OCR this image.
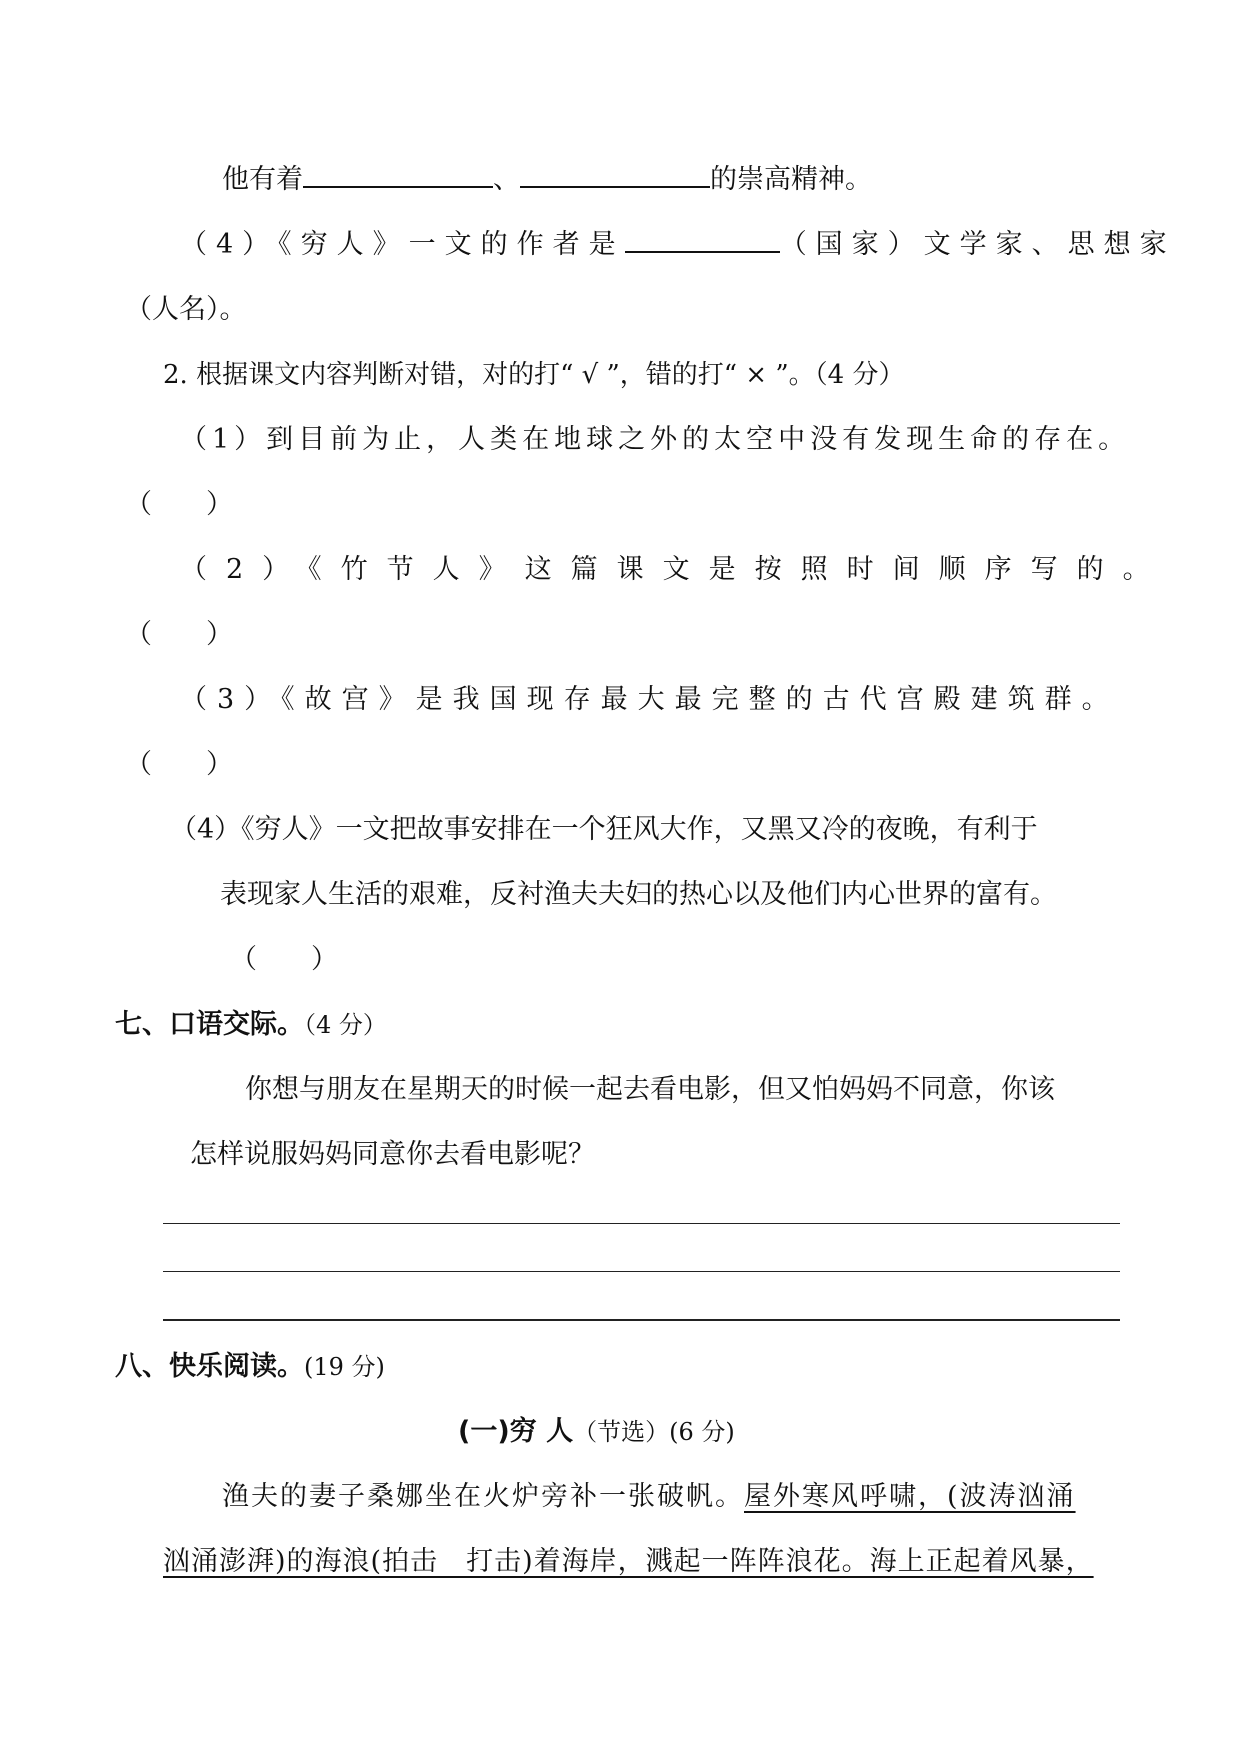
他有着	、	的崇高精神。
（4）《穷人》一文的作者是	（国家）文学家、思想家
（人名）。
2. 根据课文内容判断对错，对的打“ √ ”，错的打“ × ”。（4 分）
（1）到目前为止，人类在地球之外的太空中没有发现生命的存在。
（　　）
（2）《竹节人》这篇课文是按照时间顺序写的。
（　　）
（3）《故宫》是我国现存最大最完整的古代宫殿建筑群。
（　　）
（4）《穷人》一文把故事安排在一个狂风大作，又黑又冷的夜晚，有利于
表现家人生活的艰难，反衬渔夫夫妇的热心以及他们内心世界的富有。
（　　）
七、口语交际。（4 分）
你想与朋友在星期天的时候一起去看电影，但又怕妈妈不同意，你该
怎样说服妈妈同意你去看电影呢？
八、快乐阅读。(19 分)
(一)穷 人（节选）(6 分)
渔夫的妻子桑娜坐在火炉旁补一张破帆。屋外寒风呼啸，(波涛汹涌
汹涌澎湃)的海浪(拍击　打击)着海岸，溅起一阵阵浪花。海上正起着风暴，
